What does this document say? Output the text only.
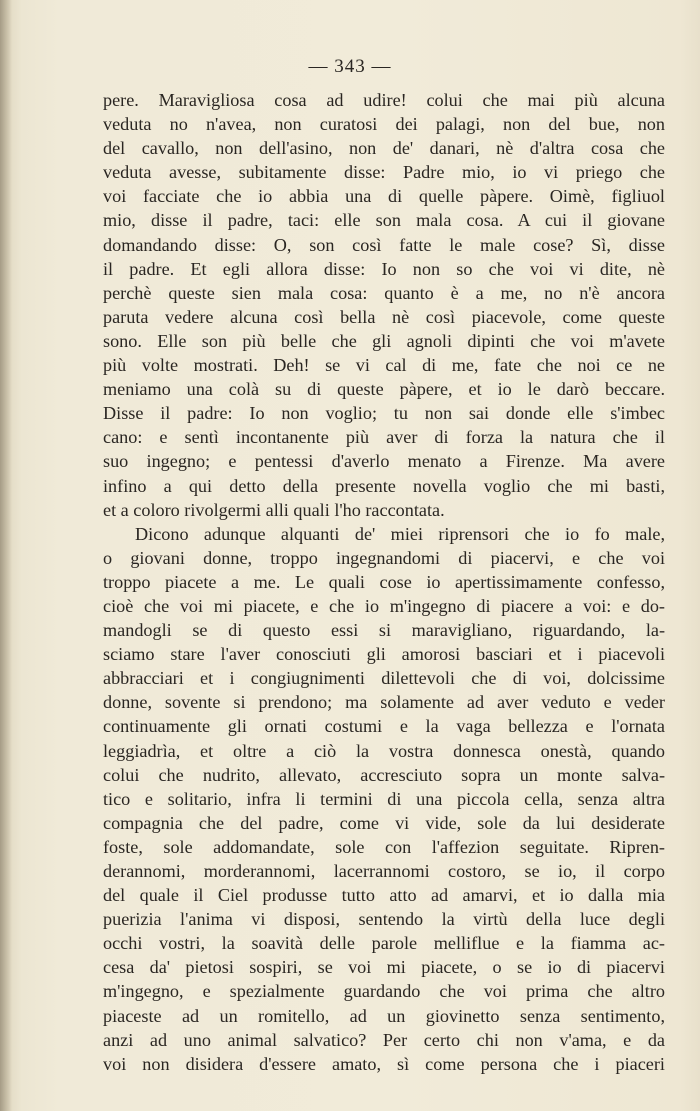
— 343 —
pere. Maravigliosa cosa ad udire! colui che mai più alcuna
veduta no n'avea, non curatosi dei palagi, non del bue, non
del cavallo, non dell'asino, non de' danari, nè d'altra cosa che
veduta avesse, subitamente disse: Padre mio, io vi priego che
voi facciate che io abbia una di quelle pàpere. Oimè, figliuol
mio, disse il padre, taci: elle son mala cosa. A cui il giovane
domandando disse: O, son così fatte le male cose? Sì, disse
il padre. Et egli allora disse: Io non so che voi vi dite, nè
perchè queste sien mala cosa: quanto è a me, no n'è ancora
paruta vedere alcuna così bella nè così piacevole, come queste
sono. Elle son più belle che gli agnoli dipinti che voi m'avete
più volte mostrati. Deh! se vi cal di me, fate che noi ce ne
meniamo una colà su di queste pàpere, et io le darò beccare.
Disse il padre: Io non voglio; tu non sai donde elle s'imbec
cano: e sentì incontanente più aver di forza la natura che il
suo ingegno; e pentessi d'averlo menato a Firenze. Ma avere
infino a qui detto della presente novella voglio che mi basti,
et a coloro rivolgermi alli quali l'ho raccontata.
Dicono adunque alquanti de' miei riprensori che io fo male,
o giovani donne, troppo ingegnandomi di piacervi, e che voi
troppo piacete a me. Le quali cose io apertissimamente confesso,
cioè che voi mi piacete, e che io m'ingegno di piacere a voi: e do-
mandogli se di questo essi si maravigliano, riguardando, la-
sciamo stare l'aver conosciuti gli amorosi basciari et i piacevoli
abbracciari et i congiugnimenti dilettevoli che di voi, dolcissime
donne, sovente si prendono; ma solamente ad aver veduto e veder
continuamente gli ornati costumi e la vaga bellezza e l'ornata
leggiadrìa, et oltre a ciò la vostra donnesca onestà, quando
colui che nudrito, allevato, accresciuto sopra un monte salva-
tico e solitario, infra li termini di una piccola cella, senza altra
compagnia che del padre, come vi vide, sole da lui desiderate
foste, sole addomandate, sole con l'affezion seguitate. Ripren-
derannomi, morderannomi, lacerrannomi costoro, se io, il corpo
del quale il Ciel produsse tutto atto ad amarvi, et io dalla mia
puerizia l'anima vi disposi, sentendo la virtù della luce degli
occhi vostri, la soavità delle parole melliflue e la fiamma ac-
cesa da' pietosi sospiri, se voi mi piacete, o se io di piacervi
m'ingegno, e spezialmente guardando che voi prima che altro
piaceste ad un romitello, ad un giovinetto senza sentimento,
anzi ad uno animal salvatico? Per certo chi non v'ama, e da
voi non disidera d'essere amato, sì come persona che i piaceri
